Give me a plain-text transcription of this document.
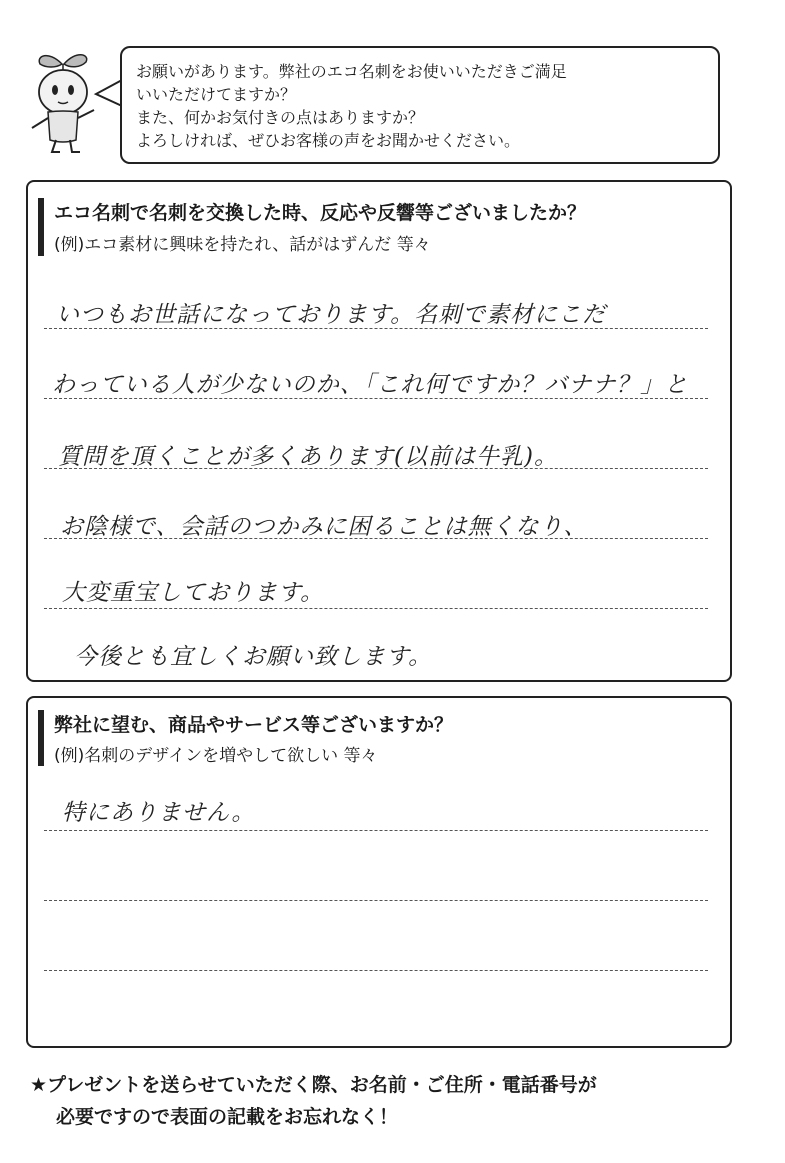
お願いがあります。弊社のエコ名刺をお使いいただきご満足
いいただけてますか？
また、何かお気付きの点はありますか？
よろしければ、ぜひお客様の声をお聞かせください。
エコ名刺で名刺を交換した時、反応や反響等ございましたか？
(例)エコ素材に興味を持たれ、話がはずんだ 等々
いつもお世話になっております。名刺で素材にこだ
わっている人が少ないのか、「これ何ですか？バナナ？」と
質問を頂くことが多くあります(以前は牛乳)。
お陰様で、会話のつかみに困ることは無くなり、
大変重宝しております。
今後とも宜しくお願い致します。
弊社に望む、商品やサービス等ございますか？
(例)名刺のデザインを増やして欲しい 等々
特にありません。
★プレゼントを送らせていただく際、お名前・ご住所・電話番号が
必要ですので表面の記載をお忘れなく！
